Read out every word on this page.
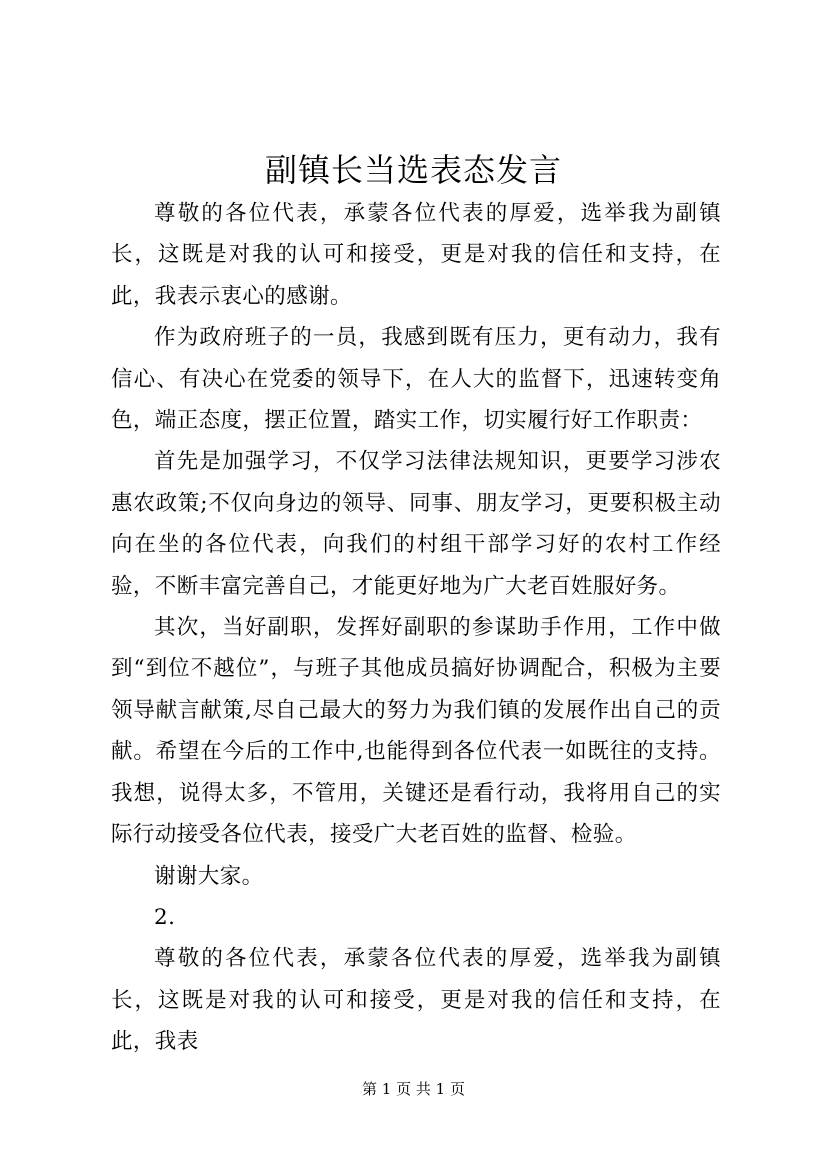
副镇长当选表态发言

尊敬的各位代表，承蒙各位代表的厚爱，选举我为副镇长，这既是对我的认可和接受，更是对我的信任和支持，在此，我表示衷心的感谢。

作为政府班子的一员，我感到既有压力，更有动力，我有信心、有决心在党委的领导下，在人大的监督下，迅速转变角色，端正态度，摆正位置，踏实工作，切实履行好工作职责：

首先是加强学习，不仅学习法律法规知识，更要学习涉农惠农政策;不仅向身边的领导、同事、朋友学习，更要积极主动向在坐的各位代表，向我们的村组干部学习好的农村工作经验，不断丰富完善自己，才能更好地为广大老百姓服好务。

其次，当好副职，发挥好副职的参谋助手作用，工作中做到“到位不越位”，与班子其他成员搞好协调配合，积极为主要领导献言献策,尽自己最大的努力为我们镇的发展作出自己的贡献。希望在今后的工作中,也能得到各位代表一如既往的支持。我想，说得太多，不管用，关键还是看行动，我将用自己的实际行动接受各位代表，接受广大老百姓的监督、检验。

谢谢大家。

2.

尊敬的各位代表，承蒙各位代表的厚爱，选举我为副镇长，这既是对我的认可和接受，更是对我的信任和支持，在此，我表

第 1 页 共 1 页
